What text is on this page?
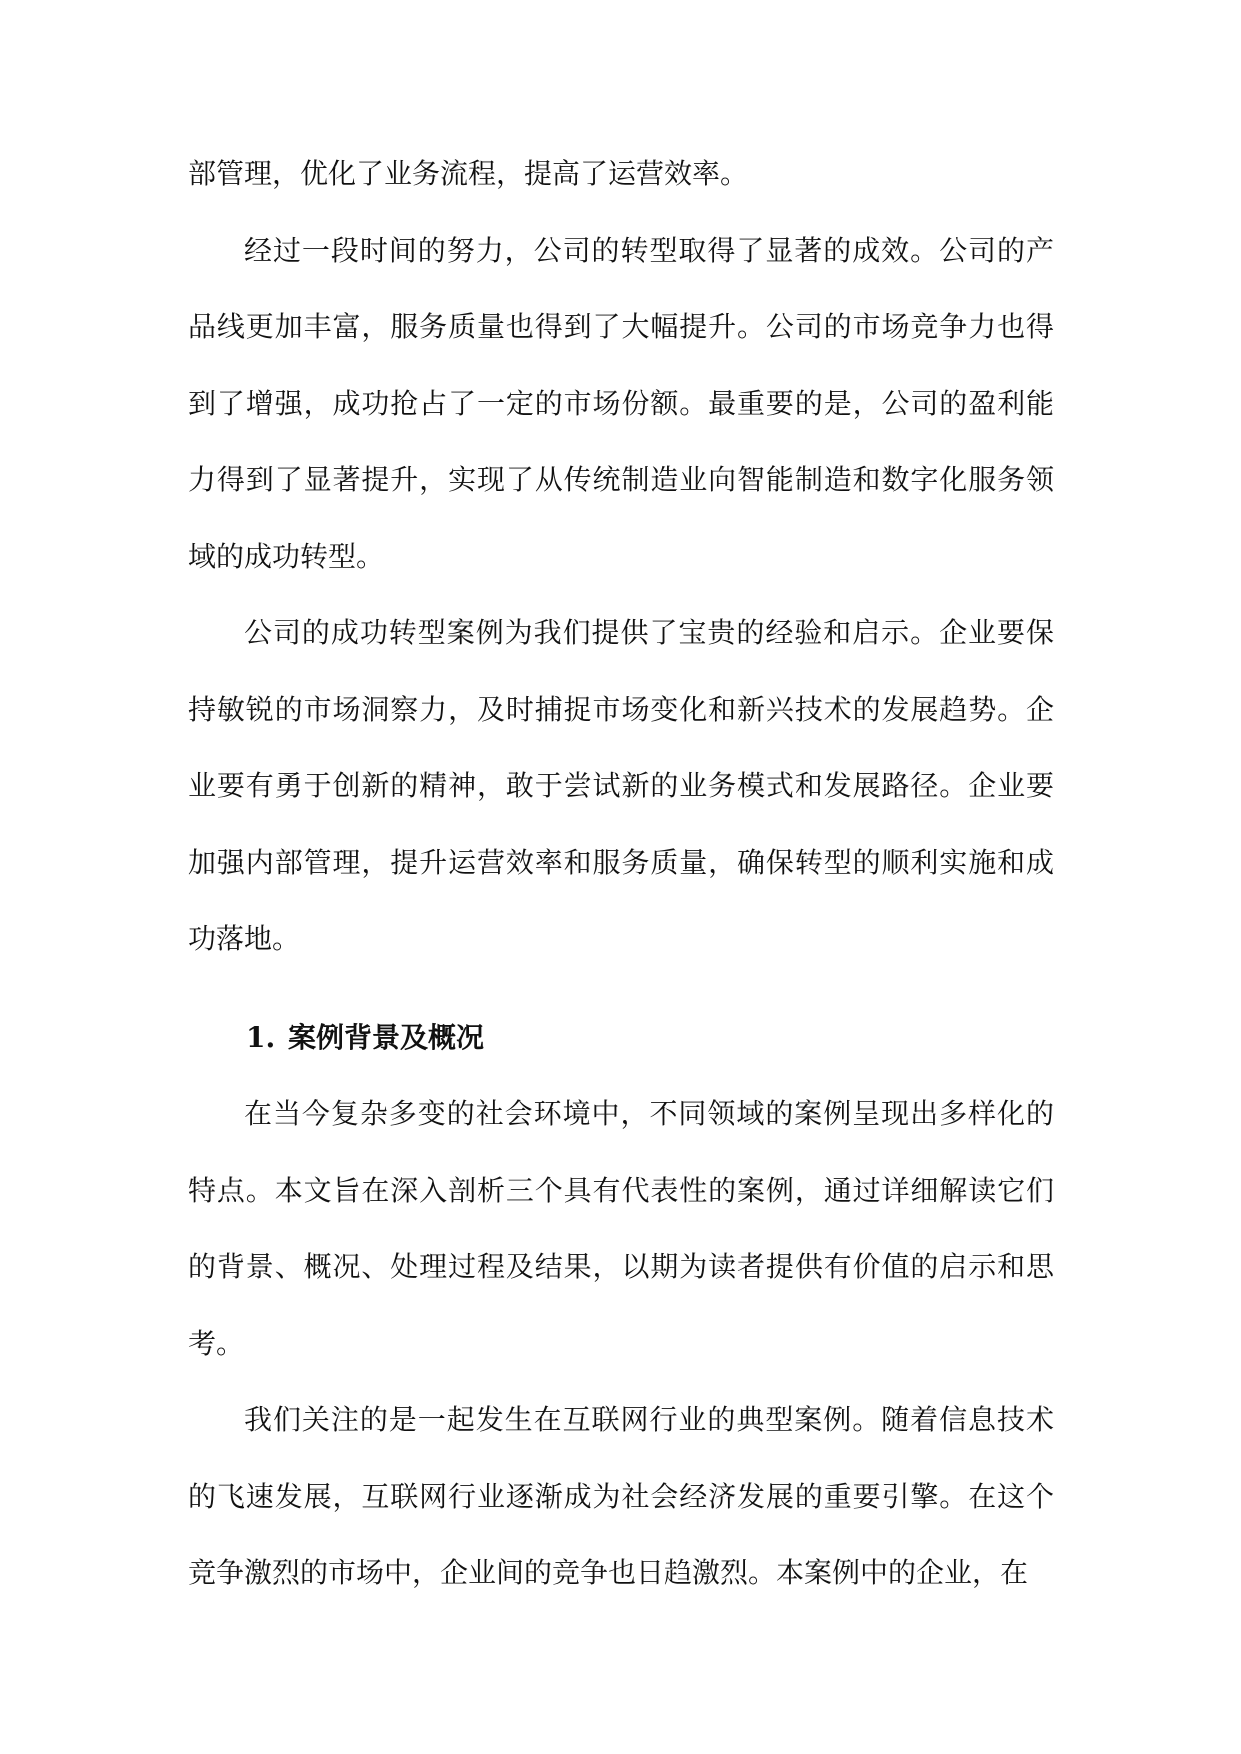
部管理，优化了业务流程，提高了运营效率。

经过一段时间的努力，公司的转型取得了显著的成效。公司的产品线更加丰富，服务质量也得到了大幅提升。公司的市场竞争力也得到了增强，成功抢占了一定的市场份额。最重要的是，公司的盈利能力得到了显著提升，实现了从传统制造业向智能制造和数字化服务领域的成功转型。

公司的成功转型案例为我们提供了宝贵的经验和启示。企业要保持敏锐的市场洞察力，及时捕捉市场变化和新兴技术的发展趋势。企业要有勇于创新的精神，敢于尝试新的业务模式和发展路径。企业要加强内部管理，提升运营效率和服务质量，确保转型的顺利实施和成功落地。

1. 案例背景及概况

在当今复杂多变的社会环境中，不同领域的案例呈现出多样化的特点。本文旨在深入剖析三个具有代表性的案例，通过详细解读它们的背景、概况、处理过程及结果，以期为读者提供有价值的启示和思考。

我们关注的是一起发生在互联网行业的典型案例。随着信息技术的飞速发展，互联网行业逐渐成为社会经济发展的重要引擎。在这个竞争激烈的市场中，企业间的竞争也日趋激烈。本案例中的企业，在
